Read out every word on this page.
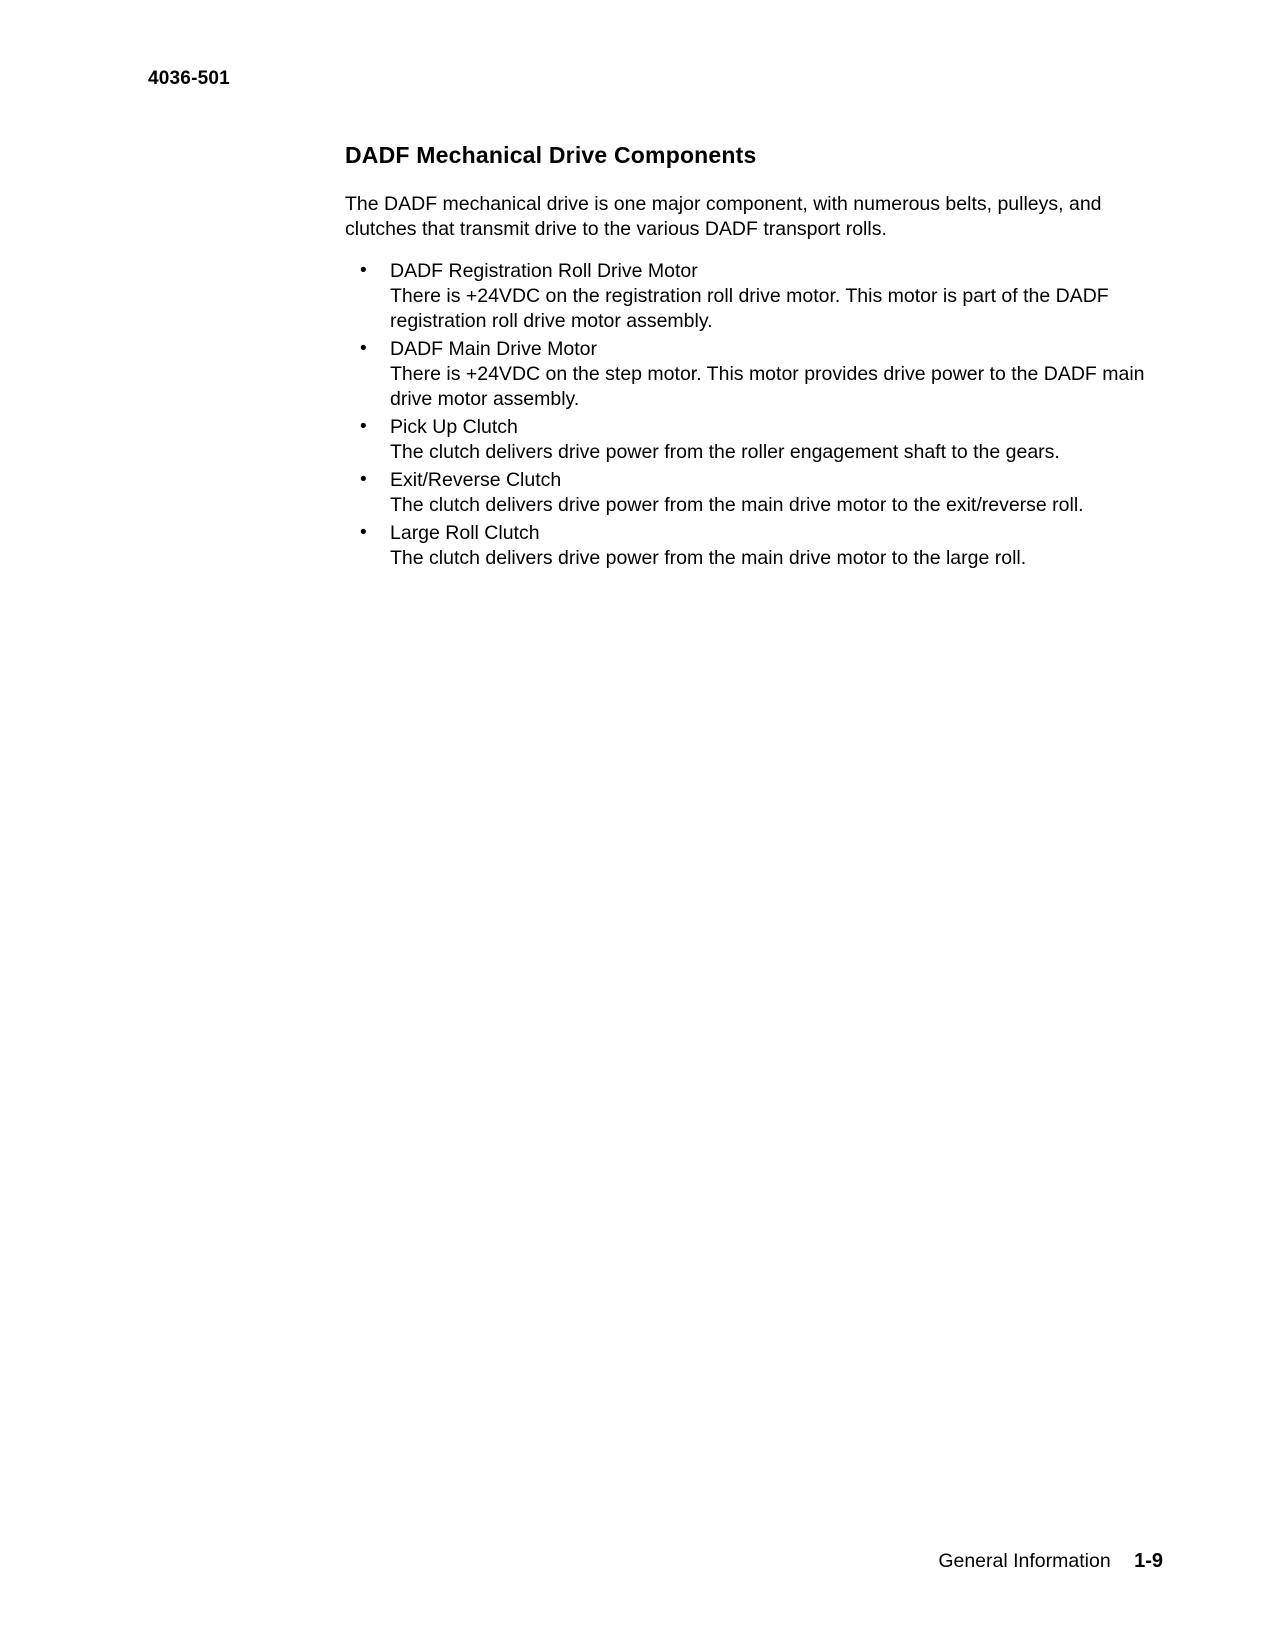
4036-501
DADF Mechanical Drive Components

The DADF mechanical drive is one major component, with numerous belts, pulleys, and clutches that transmit drive to the various DADF transport rolls.

• DADF Registration Roll Drive Motor
There is +24VDC on the registration roll drive motor. This motor is part of the DADF registration roll drive motor assembly.
• DADF Main Drive Motor
There is +24VDC on the step motor. This motor provides drive power to the DADF main drive motor assembly.
• Pick Up Clutch
The clutch delivers drive power from the roller engagement shaft to the gears.
• Exit/Reverse Clutch
The clutch delivers drive power from the main drive motor to the exit/reverse roll.
• Large Roll Clutch
The clutch delivers drive power from the main drive motor to the large roll.
General Information 1-9
